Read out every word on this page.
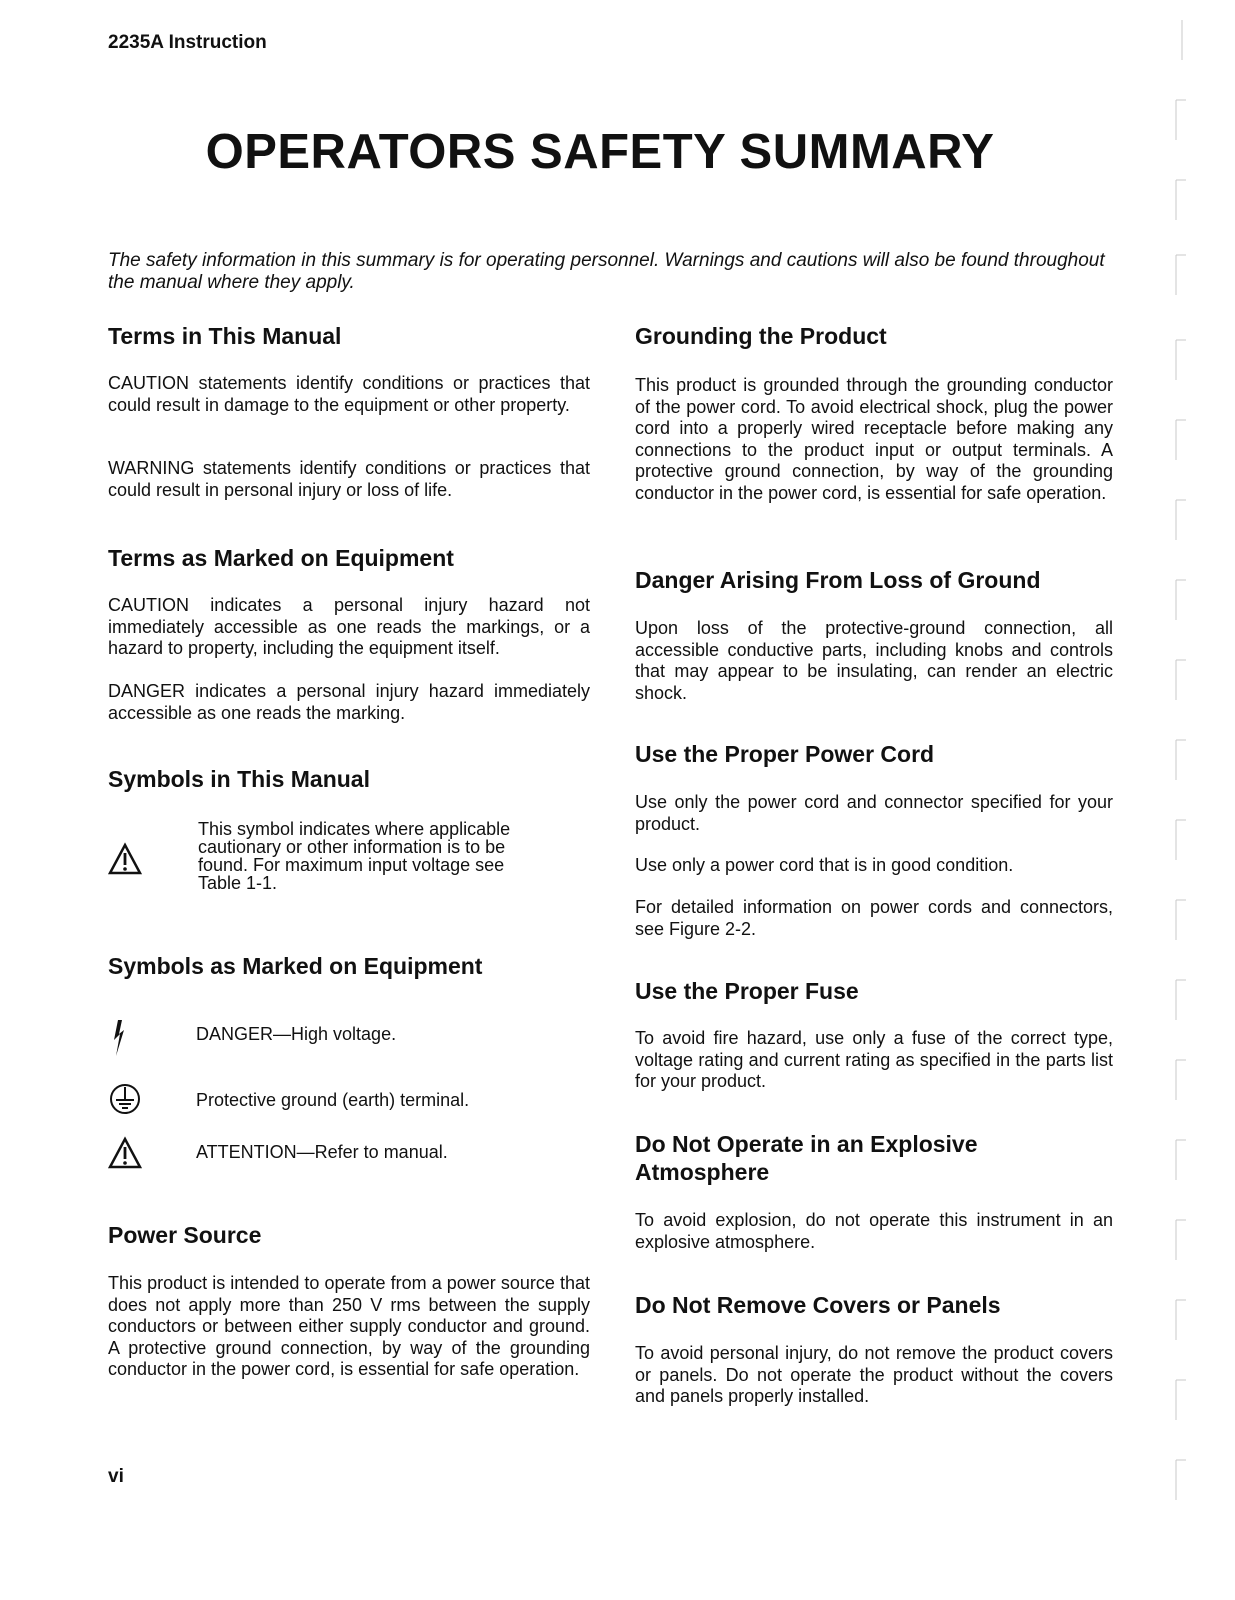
2235A Instruction
OPERATORS SAFETY SUMMARY
The safety information in this summary is for operating personnel. Warnings and cautions will also be found throughout the manual where they apply.
Terms in This Manual

CAUTION statements identify conditions or practices that could result in damage to the equipment or other property.

WARNING statements identify conditions or practices that could result in personal injury or loss of life.

Terms as Marked on Equipment

CAUTION indicates a personal injury hazard not immediately accessible as one reads the markings, or a hazard to property, including the equipment itself.

DANGER indicates a personal injury hazard immediately accessible as one reads the marking.

Symbols in This Manual
This symbol indicates where applicable cautionary or other information is to be found. For maximum input voltage see Table 1-1.
Symbols as Marked on Equipment
DANGER—High voltage.
Protective ground (earth) terminal.
ATTENTION—Refer to manual.
Power Source

This product is intended to operate from a power source that does not apply more than 250 V rms between the supply conductors or between either supply conductor and ground. A protective ground connection, by way of the grounding conductor in the power cord, is essential for safe operation.

Grounding the Product

This product is grounded through the grounding conductor of the power cord. To avoid electrical shock, plug the power cord into a properly wired receptacle before making any connections to the product input or output terminals. A protective ground connection, by way of the grounding conductor in the power cord, is essential for safe operation.

Danger Arising From Loss of Ground

Upon loss of the protective-ground connection, all accessible conductive parts, including knobs and controls that may appear to be insulating, can render an electric shock.

Use the Proper Power Cord

Use only the power cord and connector specified for your product.

Use only a power cord that is in good condition.

For detailed information on power cords and connectors, see Figure 2-2.

Use the Proper Fuse

To avoid fire hazard, use only a fuse of the correct type, voltage rating and current rating as specified in the parts list for your product.

Do Not Operate in an Explosive
Atmosphere

To avoid explosion, do not operate this instrument in an explosive atmosphere.

Do Not Remove Covers or Panels

To avoid personal injury, do not remove the product covers or panels. Do not operate the product without the covers and panels properly installed.

vi
